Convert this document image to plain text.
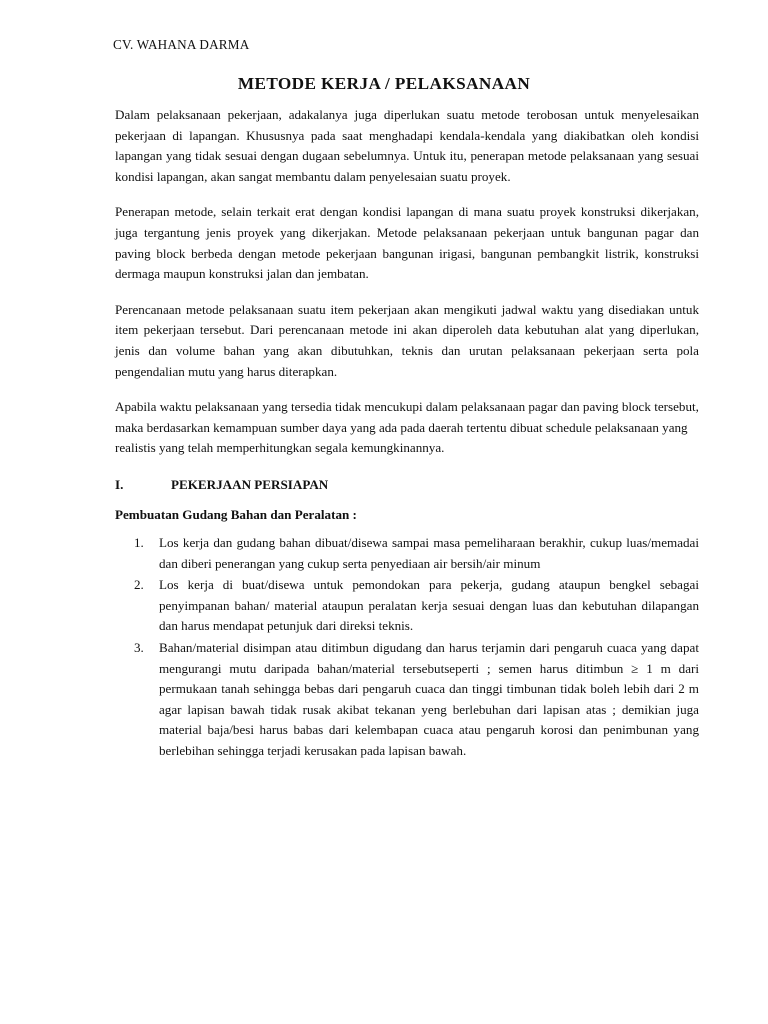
CV. WAHANA DARMA
METODE KERJA / PELAKSANAAN

Dalam pelaksanaan pekerjaan, adakalanya juga diperlukan suatu metode terobosan untuk menyelesaikan pekerjaan di lapangan. Khususnya pada saat menghadapi kendala-kendala yang diakibatkan oleh kondisi lapangan yang tidak sesuai dengan dugaan sebelumnya. Untuk itu, penerapan metode pelaksanaan yang sesuai kondisi lapangan, akan sangat membantu dalam penyelesaian suatu proyek.

Penerapan metode, selain terkait erat dengan kondisi lapangan di mana suatu proyek konstruksi dikerjakan, juga tergantung jenis proyek yang dikerjakan. Metode pelaksanaan pekerjaan untuk bangunan pagar dan paving block berbeda dengan metode pekerjaan bangunan irigasi, bangunan pembangkit listrik, konstruksi dermaga maupun konstruksi jalan dan jembatan.

Perencanaan metode pelaksanaan suatu item pekerjaan akan mengikuti jadwal waktu yang disediakan untuk item pekerjaan tersebut. Dari perencanaan metode ini akan diperoleh data kebutuhan alat yang diperlukan, jenis dan volume bahan yang akan dibutuhkan, teknis dan urutan pelaksanaan pekerjaan serta pola pengendalian mutu yang harus diterapkan.

Apabila waktu pelaksanaan yang tersedia tidak mencukupi dalam pelaksanaan pagar dan paving block tersebut, maka berdasarkan kemampuan sumber daya yang ada pada daerah tertentu dibuat schedule pelaksanaan yang realistis yang telah memperhitungkan segala kemungkinannya.

I.	PEKERJAAN PERSIAPAN
Pembuatan Gudang Bahan dan Peralatan :
1.	Los kerja dan gudang bahan dibuat/disewa sampai masa pemeliharaan berakhir, cukup luas/memadai dan diberi penerangan yang cukup serta penyediaan air bersih/air minum
2.	Los kerja di buat/disewa untuk pemondokan para pekerja, gudang ataupun bengkel sebagai penyimpanan bahan/ material ataupun peralatan kerja sesuai dengan luas dan kebutuhan dilapangan dan harus mendapat petunjuk dari direksi teknis.
3.	Bahan/material disimpan atau ditimbun digudang dan harus terjamin dari pengaruh cuaca yang dapat mengurangi mutu daripada bahan/material tersebutseperti ; semen harus ditimbun ≥ 1 m dari permukaan tanah sehingga bebas dari pengaruh cuaca dan tinggi timbunan tidak boleh lebih dari 2 m agar lapisan bawah tidak rusak akibat tekanan yeng berlebuhan dari lapisan atas ; demikian juga material baja/besi harus babas dari kelembapan cuaca atau pengaruh korosi dan penimbunan yang berlebihan sehingga terjadi kerusakan pada lapisan bawah.
